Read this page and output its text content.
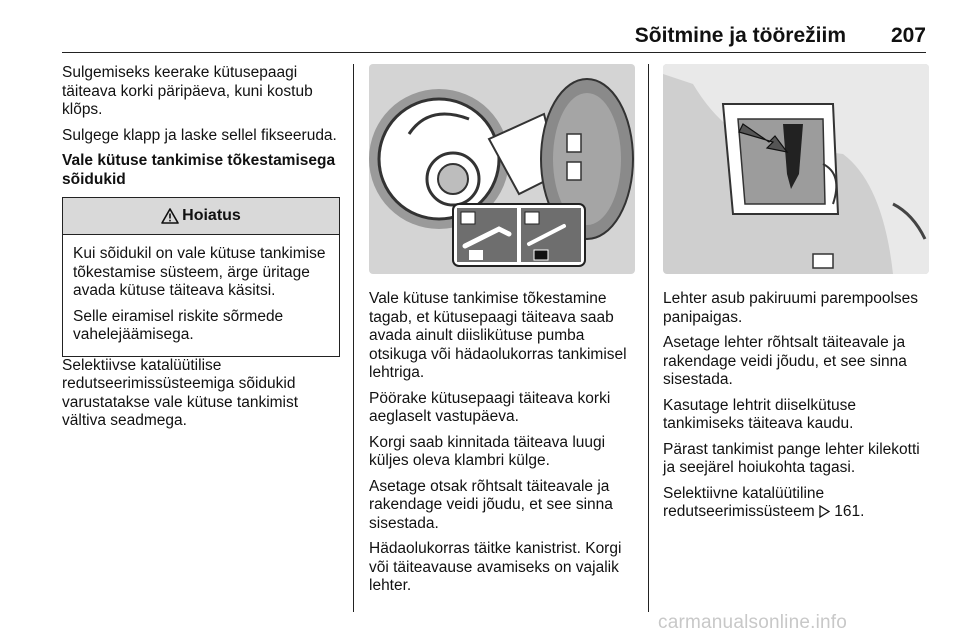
Sõitmine ja töörežiim 207

Sulgemiseks keerake kütusepaagi täiteava korki päripäeva, kuni kostub klõps.

Sulgege klapp ja laske sellel fikseeruda.

Vale kütuse tankimise tõkestamisega sõidukid

Hoiatus

Kui sõidukil on vale kütuse tankimise tõkestamise süsteem, ärge üritage avada kütuse täiteava käsitsi.

Selle eiramisel riskite sõrmede vahelejäämisega.

Selektiivse katalüütilise redutseerimissüsteemiga sõidukid varustatakse vale kütuse tankimist vältiva seadmega.

Vale kütuse tankimise tõkestamine tagab, et kütusepaagi täiteava saab avada ainult diislikütuse pumba otsikuga või hädaolukorras tankimisel lehtriga.

Pöörake kütusepaagi täiteava korki aeglaselt vastupäeva.

Korgi saab kinnitada täiteava luugi küljes oleva klambri külge.

Asetage otsak rõhtsalt täiteavale ja rakendage veidi jõudu, et see sinna sisestada.

Hädaolukorras täitke kanistrist. Korgi või täiteavause avamiseks on vajalik lehter.

Lehter asub pakiruumi parempoolses panipaigas.

Asetage lehter rõhtsalt täiteavale ja rakendage veidi jõudu, et see sinna sisestada.

Kasutage lehtrit diiselkütuse tankimiseks täiteava kaudu.

Pärast tankimist pange lehter kilekotti ja seejärel hoiukohta tagasi.

Selektiivne katalüütiline redutseerimissüsteem 161.

carmanualsonline.info
